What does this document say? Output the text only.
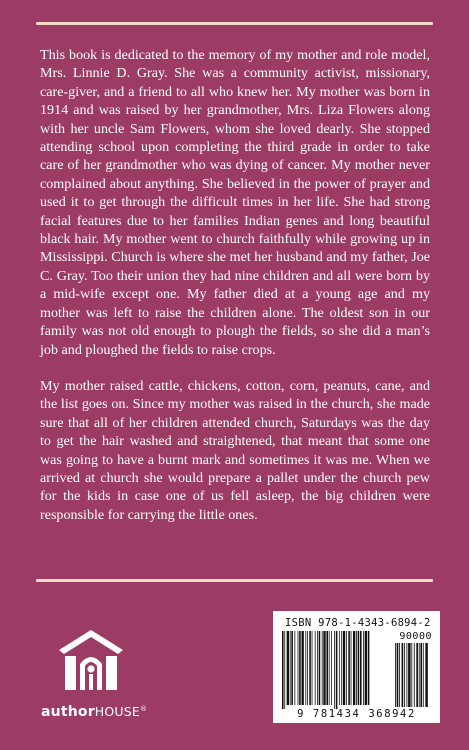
This book is dedicated to the memory of my mother and role model, Mrs. Linnie D. Gray. She was a community activist, missionary, care-giver, and a friend to all who knew her. My mother was born in 1914 and was raised by her grandmother, Mrs. Liza Flowers along with her uncle Sam Flowers, whom she loved dearly. She stopped attending school upon completing the third grade in order to take care of her grandmother who was dying of cancer. My mother never complained about anything. She believed in the power of prayer and used it to get through the difficult times in her life. She had strong facial features due to her families Indian genes and long beautiful black hair. My mother went to church faithfully while growing up in Mississippi. Church is where she met her husband and my father, Joe C. Gray. Too their union they had nine children and all were born by a mid-wife except one. My father died at a young age and my mother was left to raise the children alone. The oldest son in our family was not old enough to plough the fields, so she did a man’s job and ploughed the fields to raise crops.

My mother raised cattle, chickens, cotton, corn, peanuts, cane, and the list goes on. Since my mother was raised in the church, she made sure that all of her children attended church, Saturdays was the day to get the hair washed and straightened, that meant that some one was going to have a burnt mark and sometimes it was me. When we arrived at church she would prepare a pallet under the church pew for the kids in case one of us fell asleep, the big children were responsible for carrying the little ones.

authorHOUSE®
ISBN 978-1-4343-6894-2
90000
9 781434 368942
